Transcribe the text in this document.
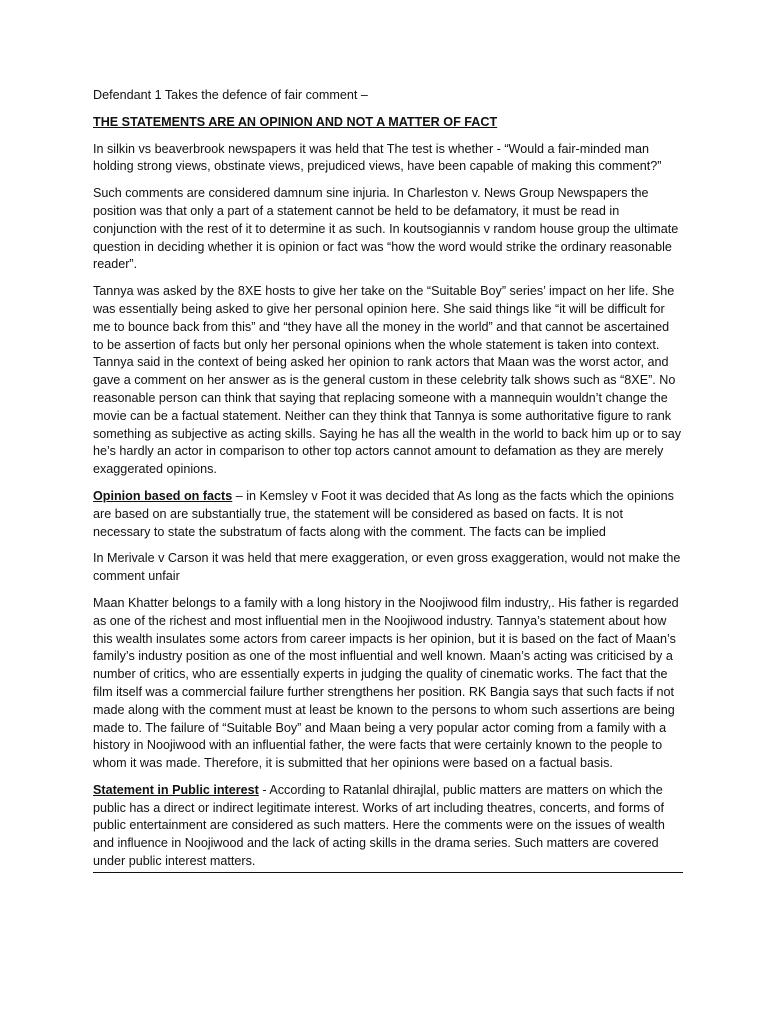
Defendant 1 Takes the defence of fair comment –

THE STATEMENTS ARE AN OPINION AND NOT A MATTER OF FACT

In silkin vs beaverbrook newspapers it was held that The test is whether - “Would a fair-minded man holding strong views, obstinate views, prejudiced views, have been capable of making this comment?”

Such comments are considered damnum sine injuria. In Charleston v. News Group Newspapers the position was that only a part of a statement cannot be held to be defamatory, it must be read in conjunction with the rest of it to determine it as such. In koutsogiannis v random house group the ultimate question in deciding whether it is opinion or fact was “how the word would strike the ordinary reasonable reader”.

Tannya was asked by the 8XE hosts to give her take on the “Suitable Boy” series’ impact on her life. She was essentially being asked to give her personal opinion here. She said things like “it will be difficult for me to bounce back from this” and “they have all the money in the world” and that cannot be ascertained to be assertion of facts but only her personal opinions when the whole statement is taken into context. Tannya said in the context of being asked her opinion to rank actors that Maan was the worst actor, and gave a comment on her answer as is the general custom in these celebrity talk shows such as “8XE”. No reasonable person can think that saying that replacing someone with a mannequin wouldn’t change the movie can be a factual statement. Neither can they think that Tannya is some authoritative figure to rank something as subjective as acting skills. Saying he has all the wealth in the world to back him up or to say he’s hardly an actor in comparison to other top actors cannot amount to defamation as they are merely exaggerated opinions.

Opinion based on facts – in Kemsley v Foot it was decided that As long as the facts which the opinions are based on are substantially true, the statement will be considered as based on facts. It is not necessary to state the substratum of facts along with the comment. The facts can be implied

In Merivale v Carson it was held that mere exaggeration, or even gross exaggeration, would not make the comment unfair

Maan Khatter belongs to a family with a long history in the Noojiwood film industry,. His father is regarded as one of the richest and most influential men in the Noojiwood industry. Tannya’s statement about how this wealth insulates some actors from career impacts is her opinion, but it is based on the fact of Maan’s family’s industry position as one of the most influential and well known. Maan’s acting was criticised by a number of critics, who are essentially experts in judging the quality of cinematic works. The fact that the film itself was a commercial failure further strengthens her position. RK Bangia says that such facts if not made along with the comment must at least be known to the persons to whom such assertions are being made to. The failure of “Suitable Boy” and Maan being a very popular actor coming from a family with a history in Noojiwood with an influential father, the were facts that were certainly known to the people to whom it was made. Therefore, it is submitted that her opinions were based on a factual basis.

Statement in Public interest - According to Ratanlal dhirajlal, public matters are matters on which the public has a direct or indirect legitimate interest. Works of art including theatres, concerts, and forms of public entertainment are considered as such matters. Here the comments were on the issues of wealth and influence in Noojiwood and the lack of acting skills in the drama series. Such matters are covered under public interest matters.
